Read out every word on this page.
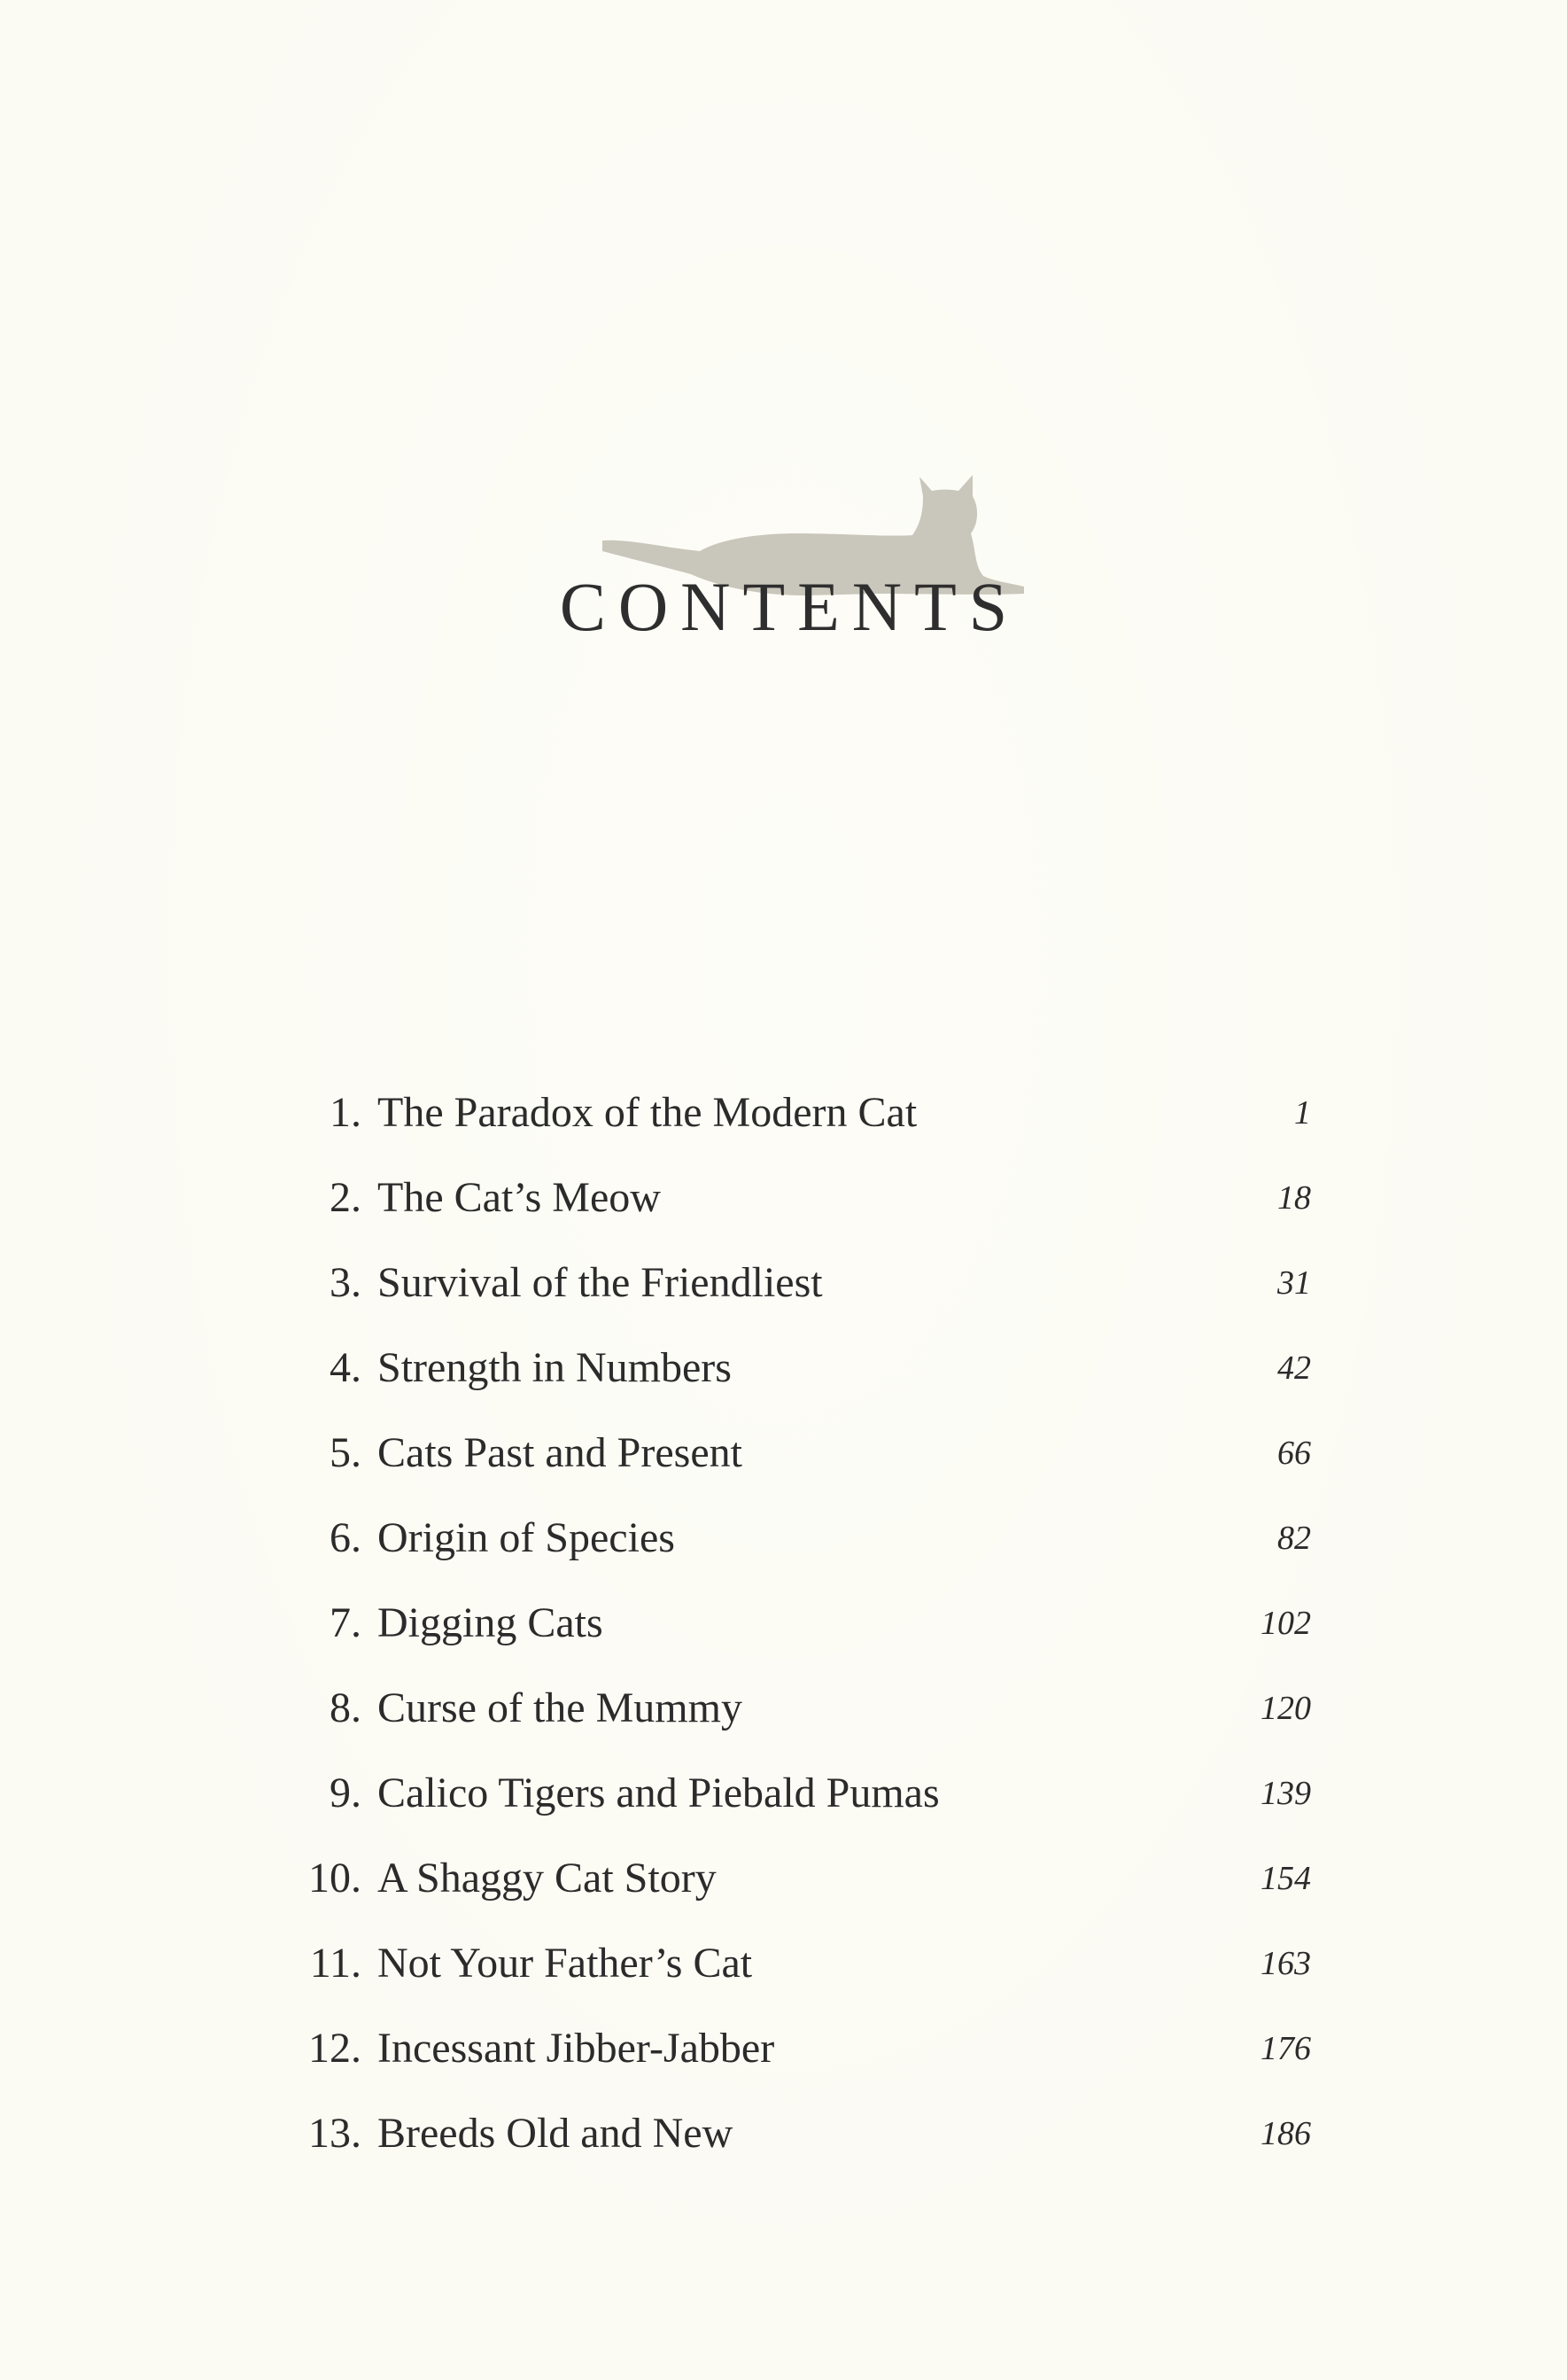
CONTENTS
1. The Paradox of the Modern Cat	1
2. The Cat’s Meow	18
3. Survival of the Friendliest	31
4. Strength in Numbers	42
5. Cats Past and Present	66
6. Origin of Species	82
7. Digging Cats	102
8. Curse of the Mummy	120
9. Calico Tigers and Piebald Pumas	139
10. A Shaggy Cat Story	154
11. Not Your Father’s Cat	163
12. Incessant Jibber-Jabber	176
13. Breeds Old and New	186
